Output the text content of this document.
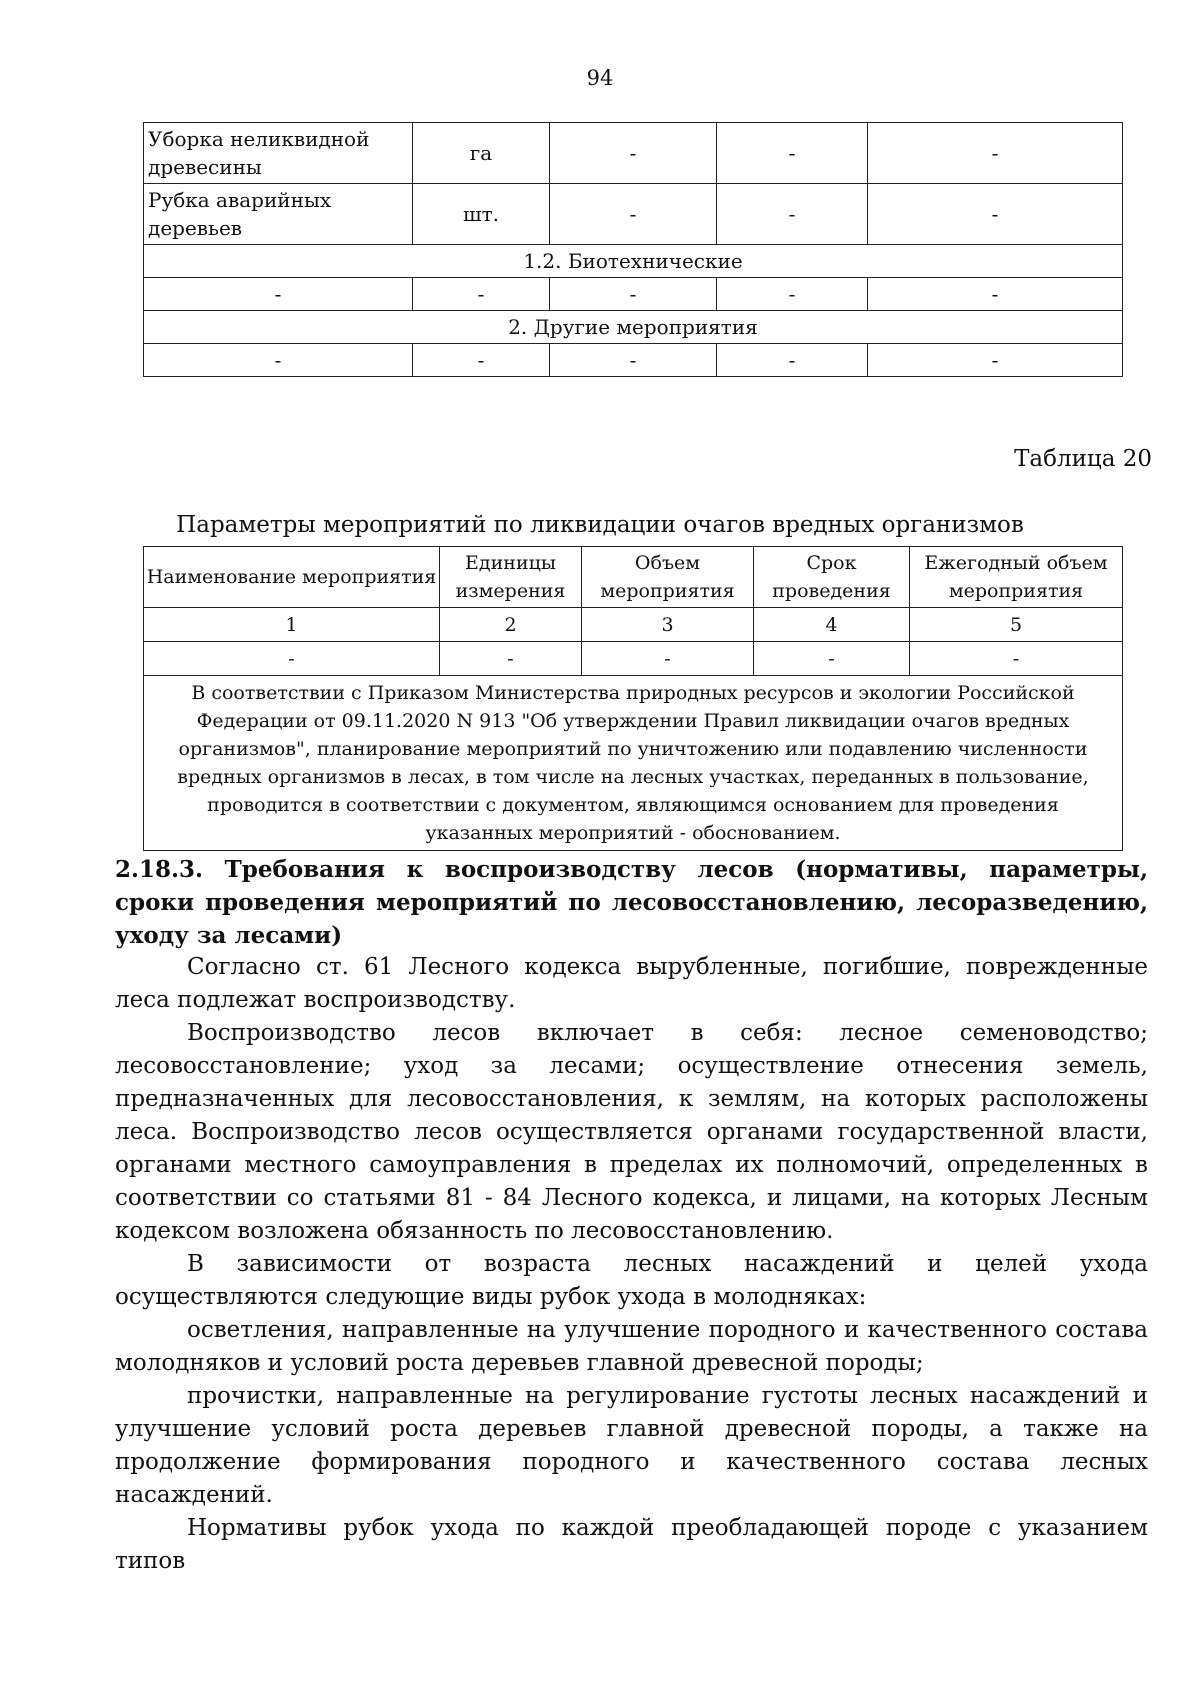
94
Уборка неликвидной древесины	га	-	-	-
Рубка аварийных деревьев	шт.	-	-	-
1.2. Биотехнические				
-	-	-	-	-
2. Другие мероприятия				
-	-	-	-	-
Таблица 20
Параметры мероприятий по ликвидации очагов вредных организмов
Наименование мероприятия	Единицы измерения	Объем мероприятия	Срок проведения	Ежегодный объем мероприятия
1	2	3	4	5
-	-	-	-	-
В соответствии с Приказом Министерства природных ресурсов и экологии Российской Федерации от 09.11.2020 N 913 "Об утверждении Правил ликвидации очагов вредных организмов", планирование мероприятий по уничтожению или подавлению численности вредных организмов в лесах, в том числе на лесных участках, переданных в пользование, проводится в соответствии с документом, являющимся основанием для проведения указанных мероприятий - обоснованием.				
2.18.3. Требования к воспроизводству лесов (нормативы, параметры, сроки проведения мероприятий по лесовосстановлению, лесоразведению, уходу за лесами)

Согласно ст. 61 Лесного кодекса вырубленные, погибшие, поврежденные леса подлежат воспроизводству.

Воспроизводство лесов включает в себя: лесное семеноводство; лесовосстановление; уход за лесами; осуществление отнесения земель, предназначенных для лесовосстановления, к землям, на которых расположены леса. Воспроизводство лесов осуществляется органами государственной власти, органами местного самоуправления в пределах их полномочий, определенных в соответствии со статьями 81 - 84 Лесного кодекса, и лицами, на которых Лесным кодексом возложена обязанность по лесовосстановлению.

В зависимости от возраста лесных насаждений и целей ухода осуществляются следующие виды рубок ухода в молодняках:

осветления, направленные на улучшение породного и качественного состава молодняков и условий роста деревьев главной древесной породы;

прочистки, направленные на регулирование густоты лесных насаждений и улучшение условий роста деревьев главной древесной породы, а также на продолжение формирования породного и качественного состава лесных насаждений.

Нормативы рубок ухода по каждой преобладающей породе с указанием типов
